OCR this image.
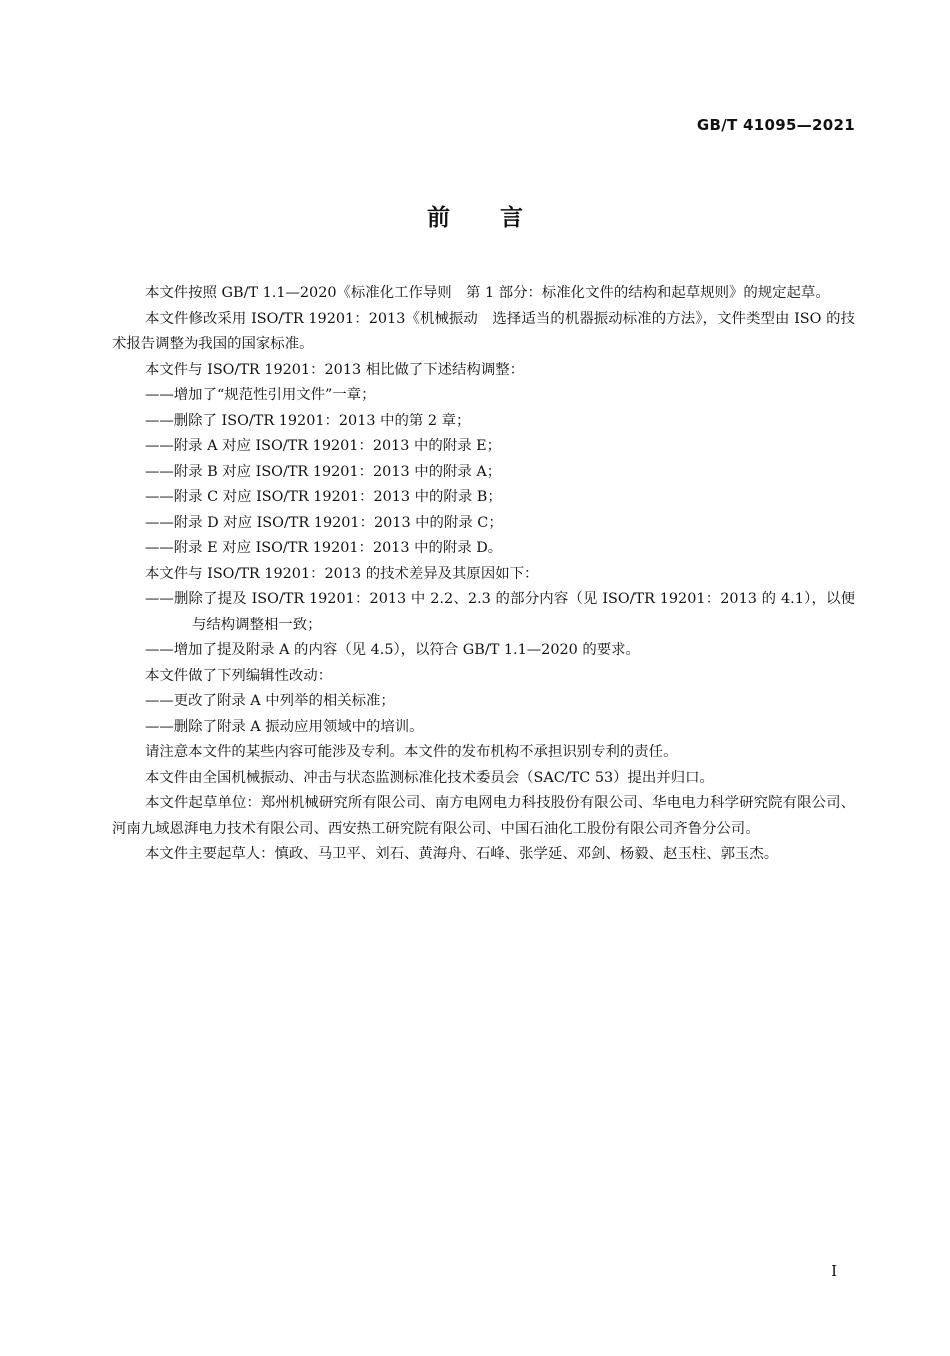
GB/T 41095—2021
前言

本文件按照 GB/T 1.1—2020《标准化工作导则　第 1 部分：标准化文件的结构和起草规则》的规定起草。

本文件修改采用 ISO/TR 19201：2013《机械振动　选择适当的机器振动标准的方法》，文件类型由 ISO 的技术报告调整为我国的国家标准。

本文件与 ISO/TR 19201：2013 相比做了下述结构调整：

——增加了“规范性引用文件”一章；

——删除了 ISO/TR 19201：2013 中的第 2 章；

——附录 A 对应 ISO/TR 19201：2013 中的附录 E；

——附录 B 对应 ISO/TR 19201：2013 中的附录 A；

——附录 C 对应 ISO/TR 19201：2013 中的附录 B；

——附录 D 对应 ISO/TR 19201：2013 中的附录 C；

——附录 E 对应 ISO/TR 19201：2013 中的附录 D。

本文件与 ISO/TR 19201：2013 的技术差异及其原因如下：

——删除了提及 ISO/TR 19201：2013 中 2.2、2.3 的部分内容（见 ISO/TR 19201：2013 的 4.1），以便与结构调整相一致；

——增加了提及附录 A 的内容（见 4.5），以符合 GB/T 1.1—2020 的要求。

本文件做了下列编辑性改动：

——更改了附录 A 中列举的相关标准；

——删除了附录 A 振动应用领域中的培训。

请注意本文件的某些内容可能涉及专利。本文件的发布机构不承担识别专利的责任。

本文件由全国机械振动、冲击与状态监测标准化技术委员会（SAC/TC 53）提出并归口。

本文件起草单位：郑州机械研究所有限公司、南方电网电力科技股份有限公司、华电电力科学研究院有限公司、河南九域恩湃电力技术有限公司、西安热工研究院有限公司、中国石油化工股份有限公司齐鲁分公司。

本文件主要起草人：慎政、马卫平、刘石、黄海舟、石峰、张学延、邓剑、杨毅、赵玉柱、郭玉杰。

I
